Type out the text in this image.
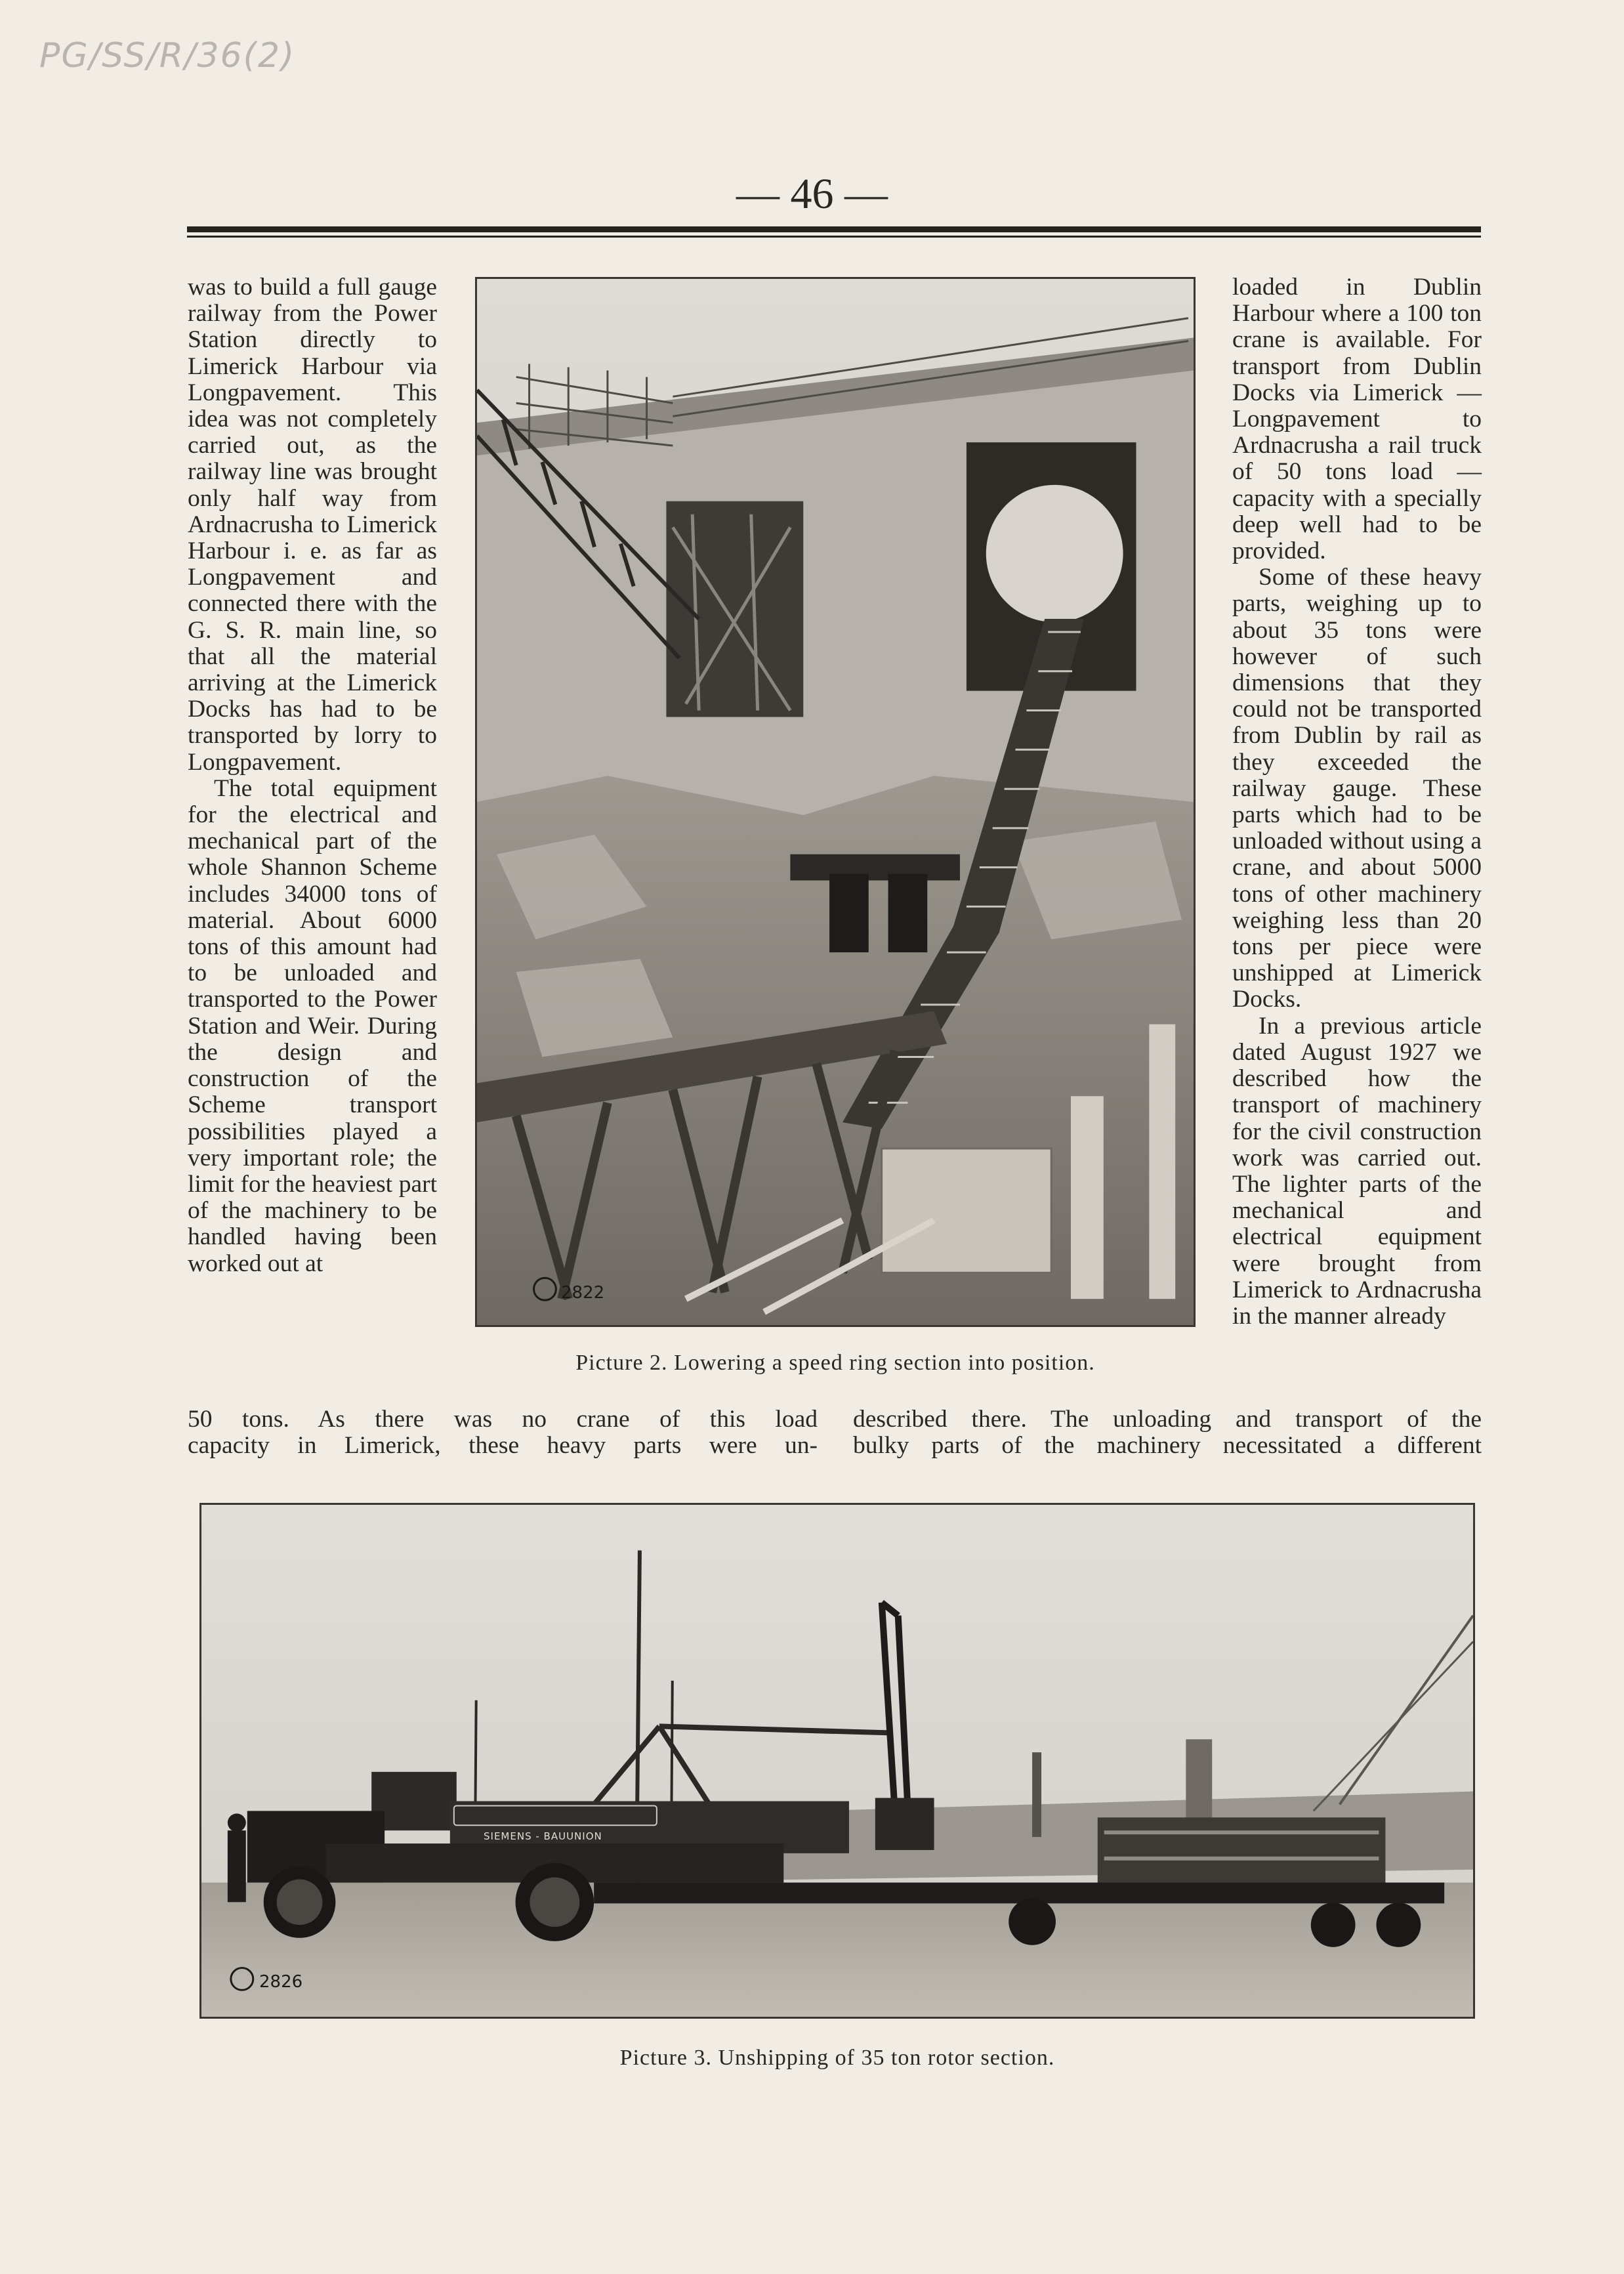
PG/SS/R/36(2)
— 46 —

was to build a full gauge railway from the Power Station directly to Limerick Harbour via Longpavement. This idea was not completely carried out, as the railway line was brought only half way from Ardnacrusha to Limerick Harbour i. e. as far as Longpavement and connected there with the G. S. R. main line, so that all the material arriving at the Limerick Docks has had to be transported by lorry to Longpavement.

The total equipment for the electrical and mechanical part of the whole Shannon Scheme includes 34000 tons of material. About 6000 tons of this amount had to be unloaded and transported to the Power Station and Weir. During the design and construction of the Scheme transport possibilities played a very important role; the limit for the heaviest part of the machinery to be handled having been worked out at

loaded in Dublin Harbour where a 100 ton crane is available. For transport from Dublin Docks via Limerick — Longpavement to Ardnacrusha a rail truck of 50 tons load — capacity with a specially deep well had to be provided.

Some of these heavy parts, weighing up to about 35 tons were however of such dimensions that they could not be transported from Dublin by rail as they exceeded the railway gauge. These parts which had to be unloaded without using a crane, and about 5000 tons of other machinery weighing less than 20 tons per piece were unshipped at Limerick Docks.

In a previous article dated August 1927 we described how the transport of machinery for the civil construction work was carried out. The lighter parts of the mechanical and electrical equipment were brought from Limerick to Ardnacrusha in the manner already

50 tons. As there was no crane of this load
capacity in Limerick, these heavy parts were un-
described there. The unloading and transport of the
bulky parts of the machinery necessitated a different
2822
Picture 2. Lowering a speed ring section into position.
SIEMENS - BAUUNION
2826
Picture 3. Unshipping of 35 ton rotor section.
